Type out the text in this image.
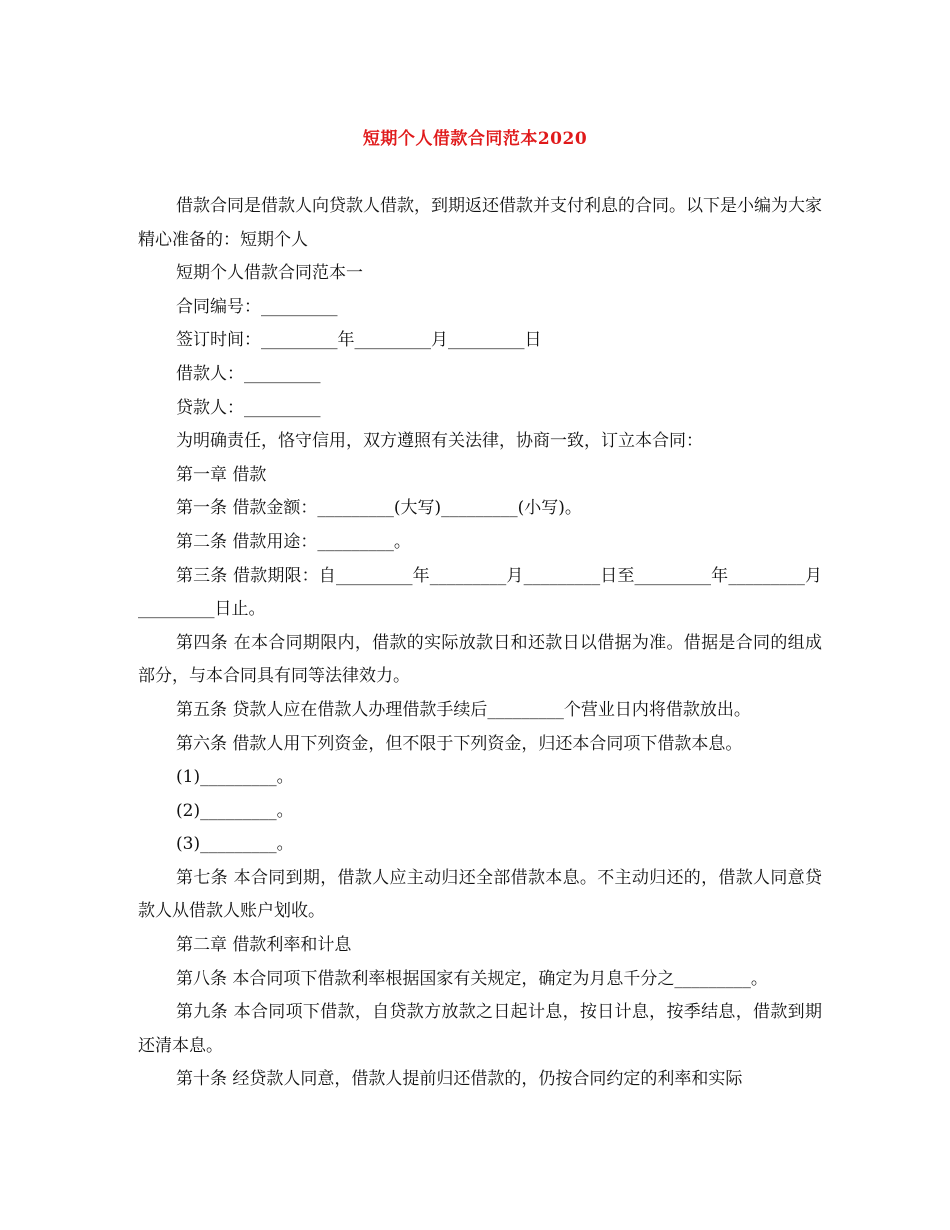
短期个人借款合同范本2020

借款合同是借款人向贷款人借款，到期返还借款并支付利息的合同。以下是小编为大家精心准备的：短期个人

短期个人借款合同范本一

合同编号：_________

签订时间：_________年_________月_________日

借款人：_________

贷款人：_________

为明确责任，恪守信用，双方遵照有关法律，协商一致，订立本合同：

第一章 借款

第一条 借款金额：_________(大写)_________(小写)。

第二条 借款用途：_________。

第三条 借款期限：自_________年_________月_________日至_________年_________月_________日止。

第四条 在本合同期限内，借款的实际放款日和还款日以借据为准。借据是合同的组成部分，与本合同具有同等法律效力。

第五条 贷款人应在借款人办理借款手续后_________个营业日内将借款放出。

第六条 借款人用下列资金，但不限于下列资金，归还本合同项下借款本息。

(1)_________。

(2)_________。

(3)_________。

第七条 本合同到期，借款人应主动归还全部借款本息。不主动归还的，借款人同意贷款人从借款人账户划收。

第二章 借款利率和计息

第八条 本合同项下借款利率根据国家有关规定，确定为月息千分之_________。

第九条 本合同项下借款，自贷款方放款之日起计息，按日计息，按季结息，借款到期还清本息。

第十条 经贷款人同意，借款人提前归还借款的，仍按合同约定的利率和实际
